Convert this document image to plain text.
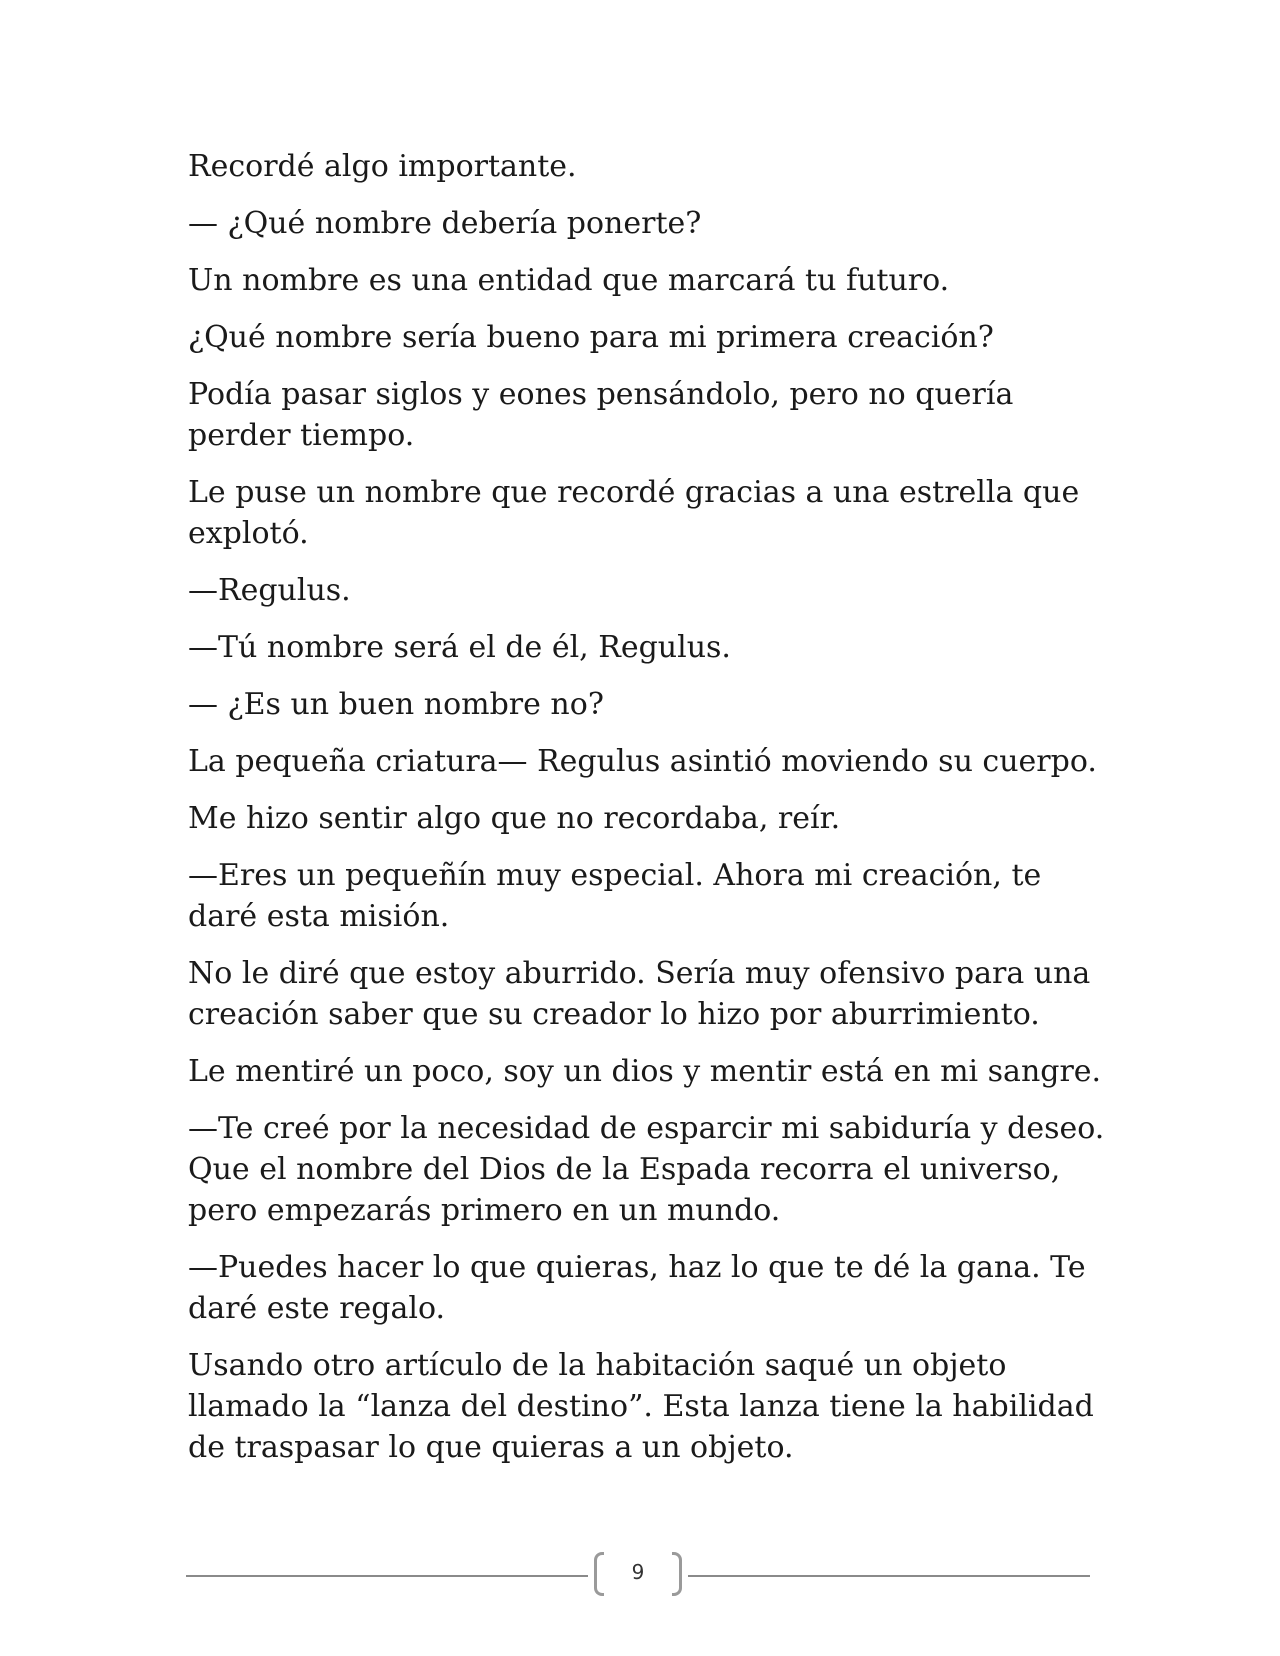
Recordé algo importante.

— ¿Qué nombre debería ponerte?

Un nombre es una entidad que marcará tu futuro.

¿Qué nombre sería bueno para mi primera creación?

Podía pasar siglos y eones pensándolo, pero no quería perder tiempo.

Le puse un nombre que recordé gracias a una estrella que explotó.

—Regulus.

—Tú nombre será el de él, Regulus.

— ¿Es un buen nombre no?

La pequeña criatura— Regulus asintió moviendo su cuerpo.

Me hizo sentir algo que no recordaba, reír.

—Eres un pequeñín muy especial. Ahora mi creación, te daré esta misión.

No le diré que estoy aburrido. Sería muy ofensivo para una creación saber que su creador lo hizo por aburrimiento.

Le mentiré un poco, soy un dios y mentir está en mi sangre.

—Te creé por la necesidad de esparcir mi sabiduría y deseo. Que el nombre del Dios de la Espada recorra el universo, pero empezarás primero en un mundo.

—Puedes hacer lo que quieras, haz lo que te dé la gana. Te daré este regalo.

Usando otro artículo de la habitación saqué un objeto llamado la “lanza del destino”. Esta lanza tiene la habilidad de traspasar lo que quieras a un objeto.

9
